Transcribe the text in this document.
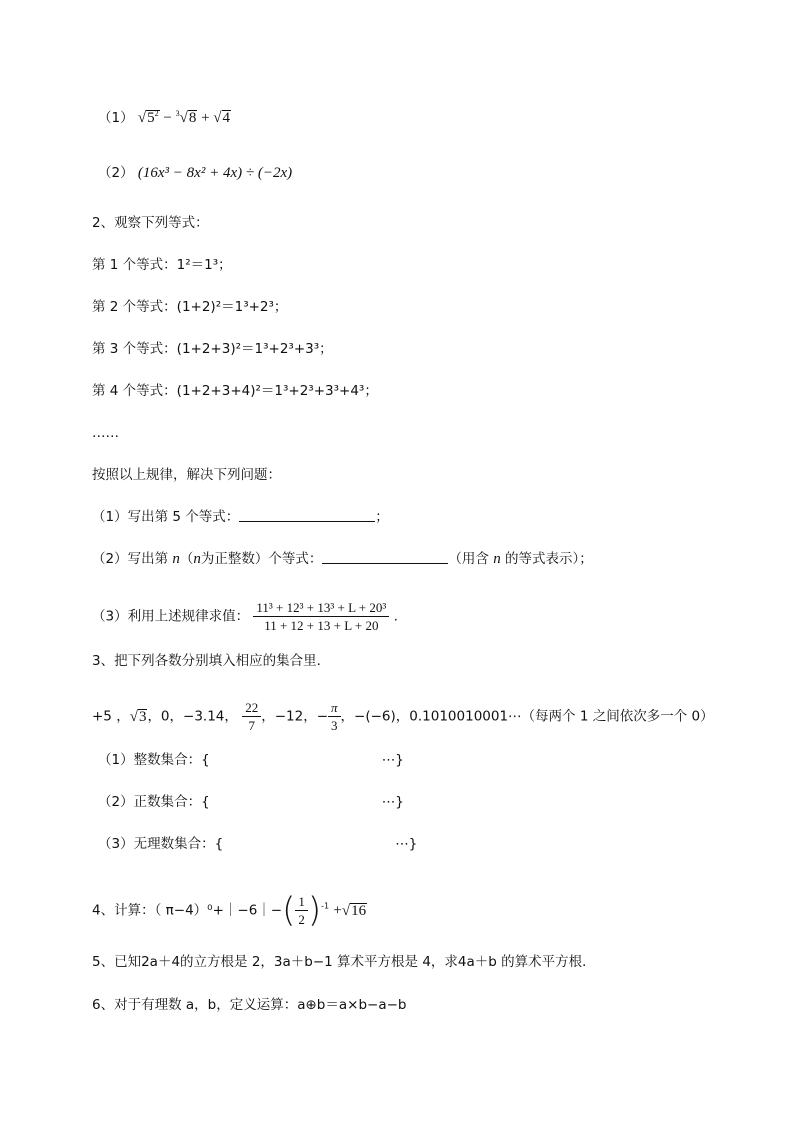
（1） $√5^2 - ^3√8 + √4$
（2） (16x³ − 8x² + 4x) ÷ (−2x)
2、观察下列等式：
第 1 个等式：1²＝1³；
第 2 个等式：(1+2)²＝1³+2³；
第 3 个等式：(1+2+3)²＝1³+2³+3³；
第 4 个等式：(1+2+3+4)²＝1³+2³+3³+4³；
……
按照以上规律，解决下列问题：
（1）写出第 5 个等式：	；
（2）写出第 n（n为正整数）个等式：	（用含 n 的等式表示）；
（3）利用上述规律求值： $\frac{\text{11³ + 12³ + 13³ + L + 20³}}{11 + 12 + 13 + L + 20}$ .
3、把下列各数分别填入相应的集合里．
+5 ，√3，0，−3.14， $\frac{22}{7}$ ，−12，− $\frac{\pi}{3}$ ，−(−6)，0.1010010001⋯（每两个 1 之间依次多一个 0）
（1）整数集合：{	⋯}
（2）正数集合：{	⋯}
（3）无理数集合：{	⋯}
4、计算：（ π−4）⁰+｜−6｜−( $\frac{1}{2} )^{-1} +√16$
5、已知2a＋4的立方根是 2，3a＋b−1 算术平方根是 4，求4a＋b 的算术平方根．
6、对于有理数 a，b，定义运算：a⊕b＝a×b−a−b
